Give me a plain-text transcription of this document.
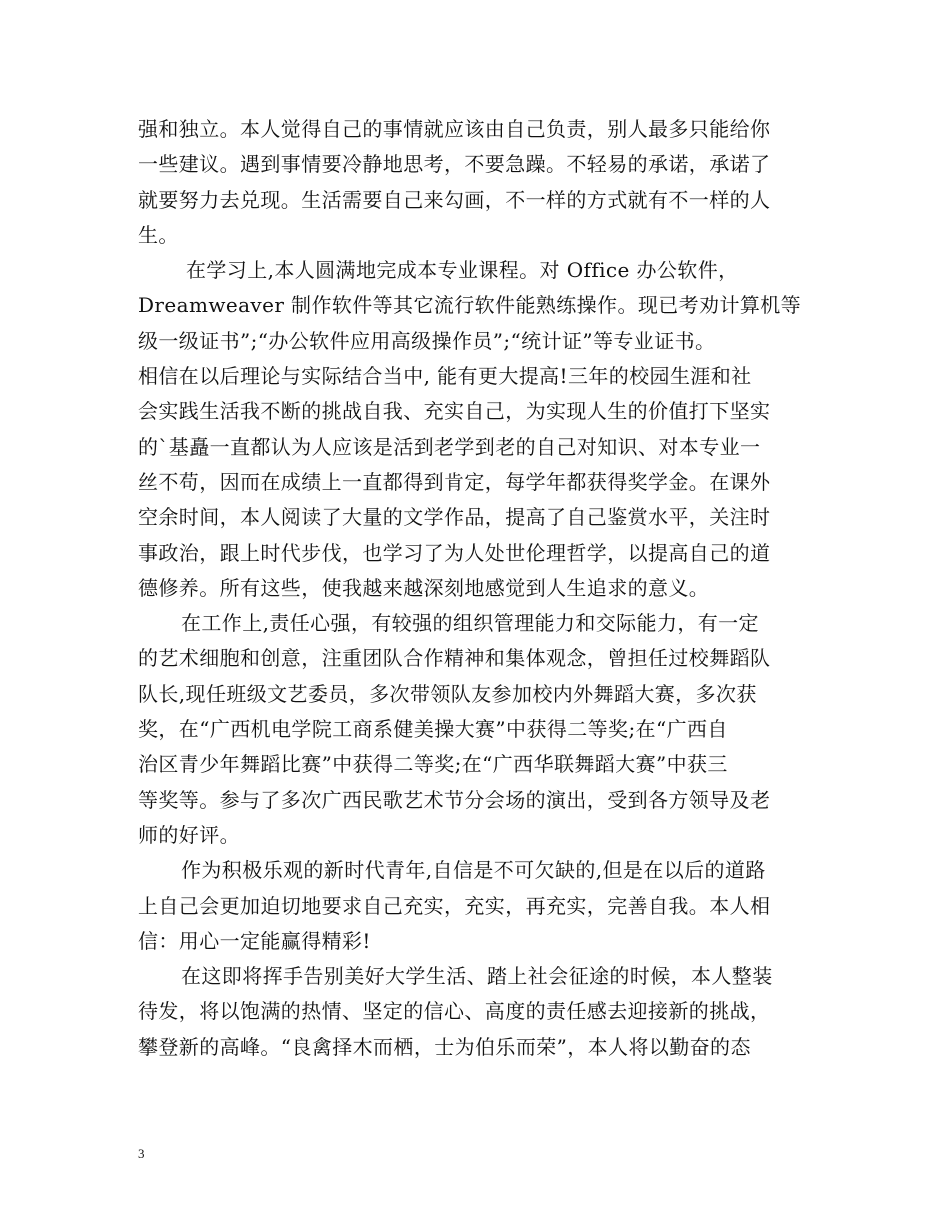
强和独立。本人觉得自己的事情就应该由自己负责，别人最多只能给你
一些建议。遇到事情要冷静地思考，不要急躁。不轻易的承诺，承诺了
就要努力去兑现。生活需要自己来勾画，不一样的方式就有不一样的人
生。
在学习上,本人圆满地完成本专业课程。对 Office 办公软件，
Dreamweaver 制作软件等其它流行软件能熟练操作。现已考劝计算机等
级一级证书”;“办公软件应用高级操作员”;“统计证”等专业证书。
相信在以后理论与实际结合当中, 能有更大提高!三年的校园生涯和社
会实践生活我不断的挑战自我、充实自己，为实现人生的价值打下坚实
的`基矗一直都认为人应该是活到老学到老的自己对知识、对本专业一
丝不苟，因而在成绩上一直都得到肯定，每学年都获得奖学金。在课外
空余时间，本人阅读了大量的文学作品，提高了自己鉴赏水平，关注时
事政治，跟上时代步伐，也学习了为人处世伦理哲学，以提高自己的道
德修养。所有这些，使我越来越深刻地感觉到人生追求的意义。
在工作上,责任心强，有较强的组织管理能力和交际能力，有一定
的艺术细胞和创意，注重团队合作精神和集体观念，曾担任过校舞蹈队
队长,现任班级文艺委员，多次带领队友参加校内外舞蹈大赛，多次获
奖，在“广西机电学院工商系健美操大赛”中获得二等奖;在“广西自
治区青少年舞蹈比赛”中获得二等奖;在“广西华联舞蹈大赛”中获三
等奖等。参与了多次广西民歌艺术节分会场的演出，受到各方领导及老
师的好评。
作为积极乐观的新时代青年,自信是不可欠缺的,但是在以后的道路
上自己会更加迫切地要求自己充实，充实，再充实，完善自我。本人相
信：用心一定能赢得精彩!
在这即将挥手告别美好大学生活、踏上社会征途的时候，本人整装
待发，将以饱满的热情、坚定的信心、高度的责任感去迎接新的挑战，
攀登新的高峰。“良禽择木而栖，士为伯乐而荣”，本人将以勤奋的态
3
